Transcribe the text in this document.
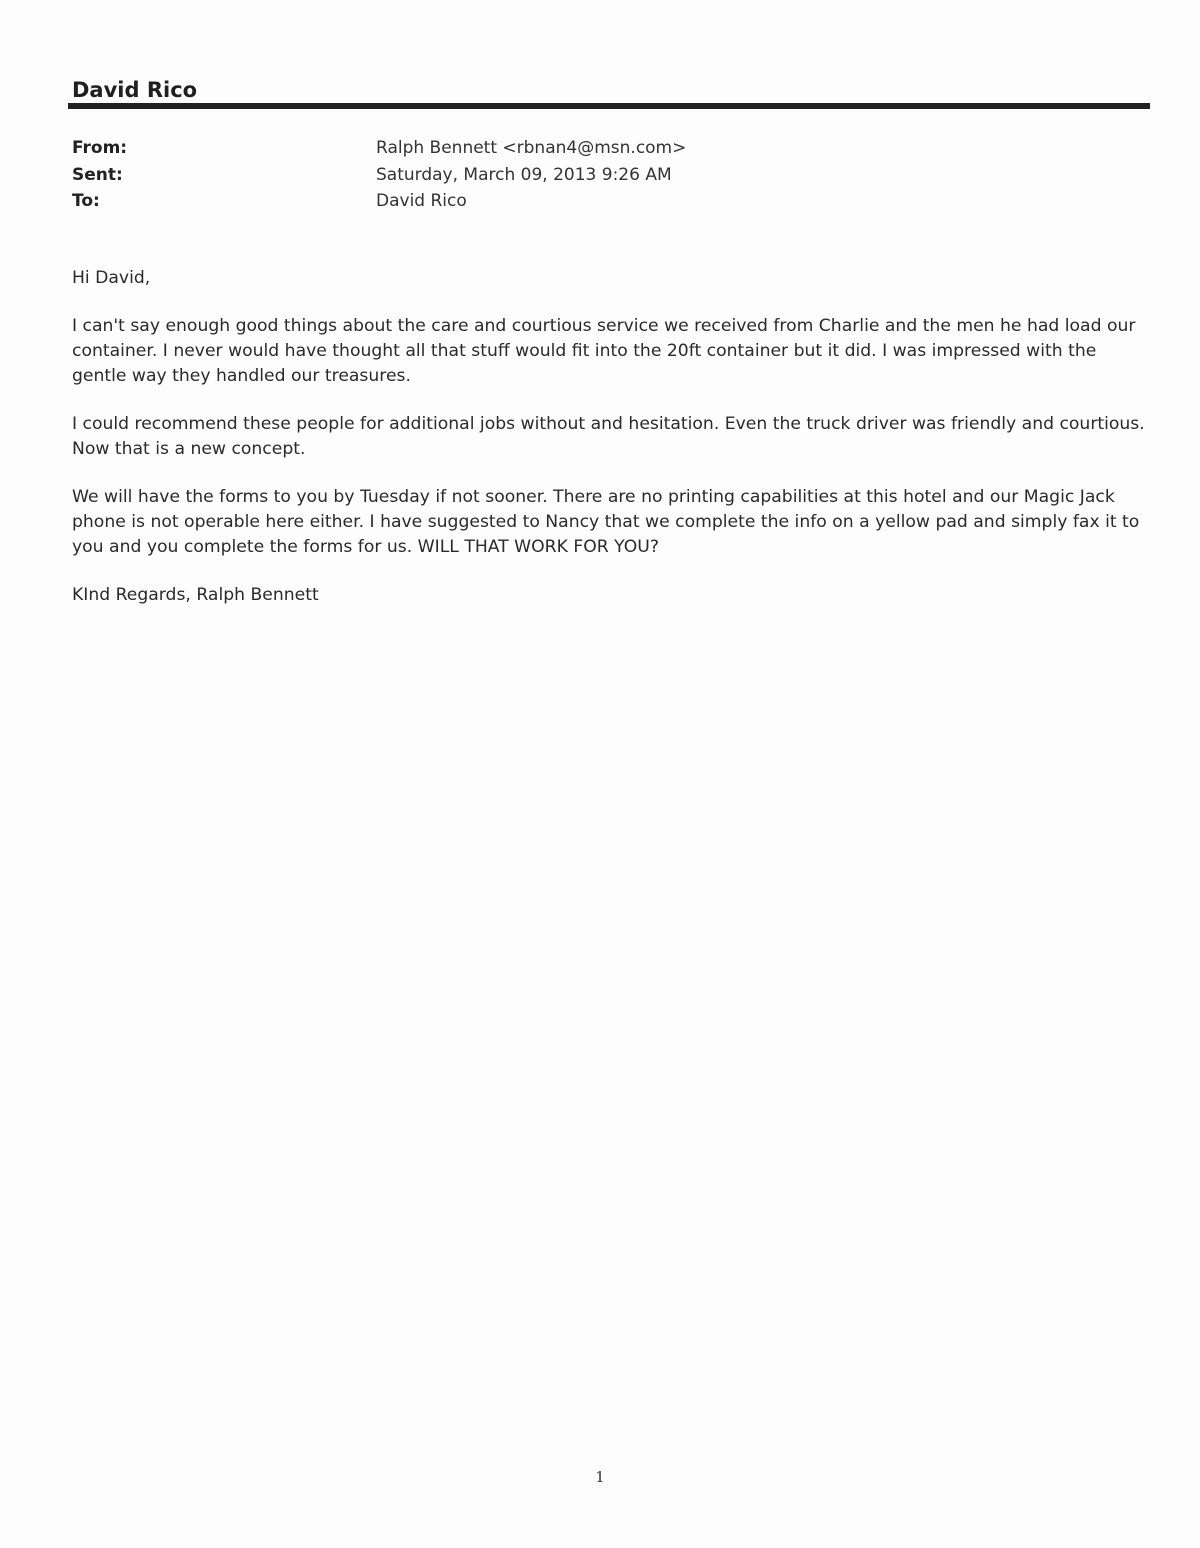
David Rico
From:	Ralph Bennett <rbnan4@msn.com>
Sent:	Saturday, March 09, 2013 9:26 AM
To:	David Rico

Hi David,

I can't say enough good things about the care and courtious service we received from Charlie and the men he had load our container. I never would have thought all that stuff would fit into the 20ft container but it did. I was impressed with the gentle way they handled our treasures.

I could recommend these people for additional jobs without and hesitation. Even the truck driver was friendly and courtious. Now that is a new concept.

We will have the forms to you by Tuesday if not sooner. There are no printing capabilities at this hotel and our Magic Jack phone is not operable here either. I have suggested to Nancy that we complete the info on a yellow pad and simply fax it to you and you complete the forms for us. WILL THAT WORK FOR YOU?

KInd Regards, Ralph Bennett

1
